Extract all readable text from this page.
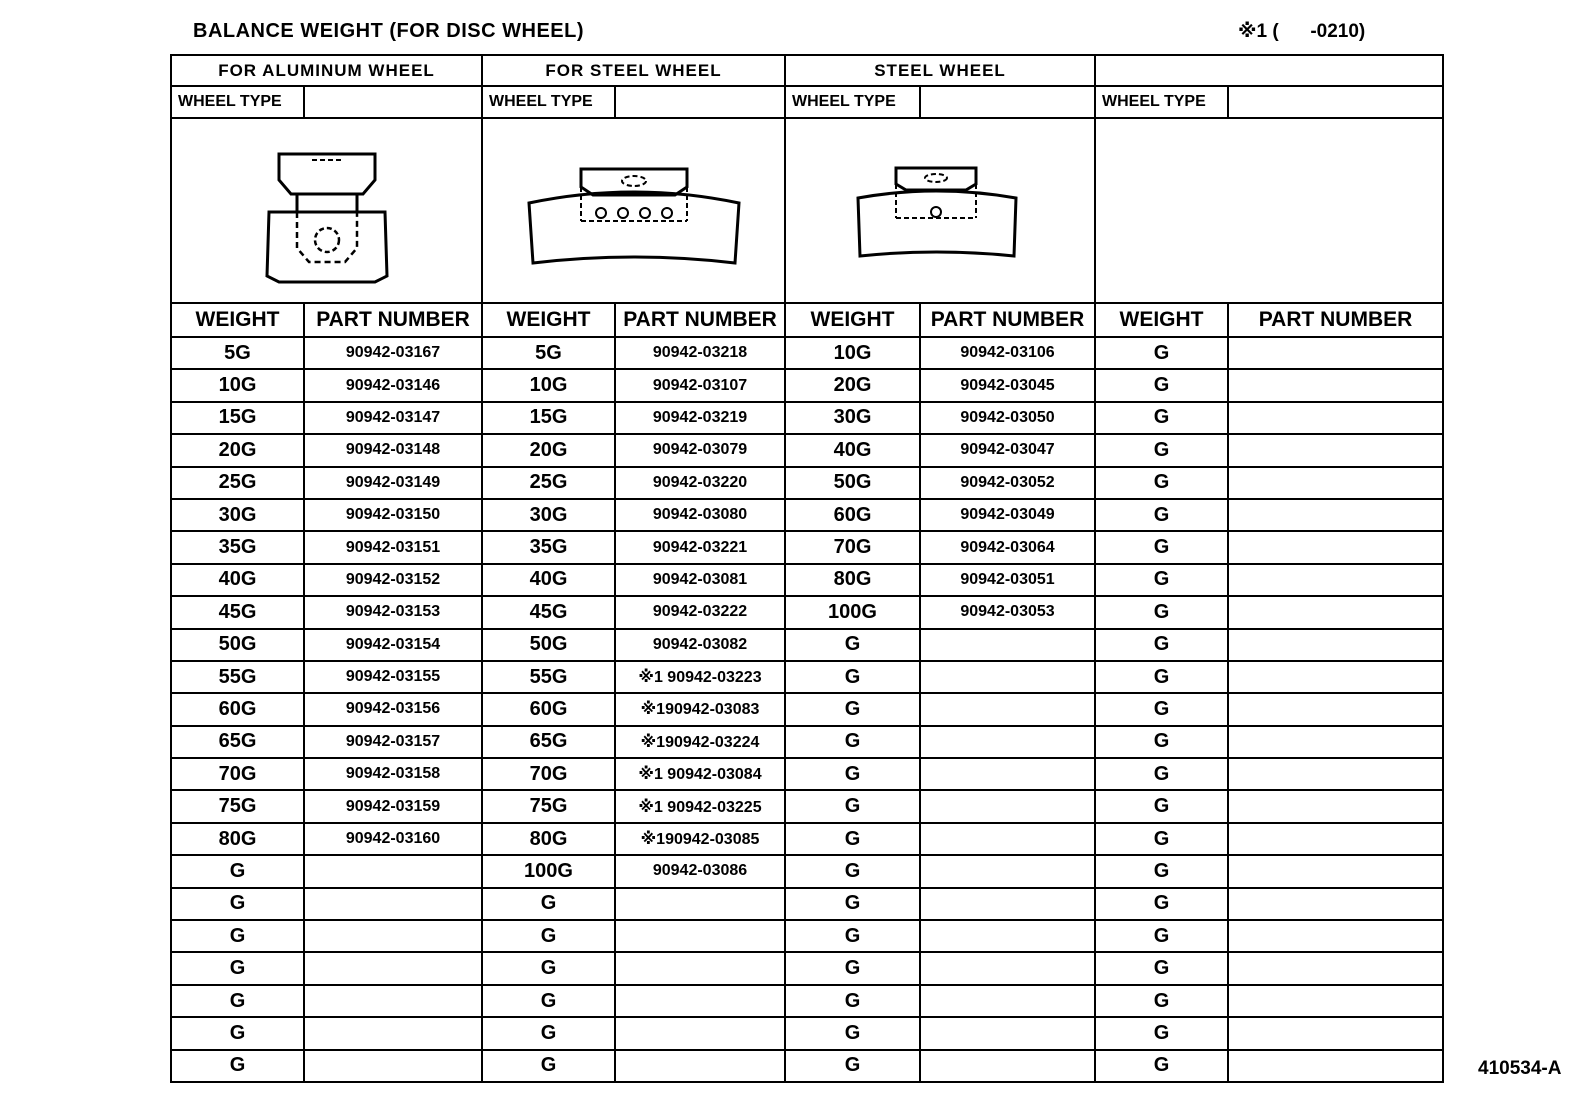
BALANCE WEIGHT (FOR DISC WHEEL)	※1 (      -0210)
FOR ALUMINUM WHEEL		FOR STEEL WHEEL		STEEL WHEEL			
WHEEL TYPE		WHEEL TYPE		WHEEL TYPE		WHEEL TYPE	

WEIGHT	PART NUMBER	WEIGHT	PART NUMBER	WEIGHT	PART NUMBER	WEIGHT	PART NUMBER
5G	90942-03167	5G	90942-03218	10G	90942-03106	G	
10G	90942-03146	10G	90942-03107	20G	90942-03045	G	
15G	90942-03147	15G	90942-03219	30G	90942-03050	G	
20G	90942-03148	20G	90942-03079	40G	90942-03047	G	
25G	90942-03149	25G	90942-03220	50G	90942-03052	G	
30G	90942-03150	30G	90942-03080	60G	90942-03049	G	
35G	90942-03151	35G	90942-03221	70G	90942-03064	G	
40G	90942-03152	40G	90942-03081	80G	90942-03051	G	
45G	90942-03153	45G	90942-03222	100G	90942-03053	G	
50G	90942-03154	50G	90942-03082	G		G	
55G	90942-03155	55G	※1 90942-03223	G		G	
60G	90942-03156	60G	※190942-03083	G		G	
65G	90942-03157	65G	※190942-03224	G		G	
70G	90942-03158	70G	※1 90942-03084	G		G	
75G	90942-03159	75G	※1 90942-03225	G		G	
80G	90942-03160	80G	※190942-03085	G		G	
G		100G	90942-03086	G		G	
G		G		G		G	
G		G		G		G	
G		G		G		G	
G		G		G		G	
G		G		G		G	
G		G		G		G		410534-A
